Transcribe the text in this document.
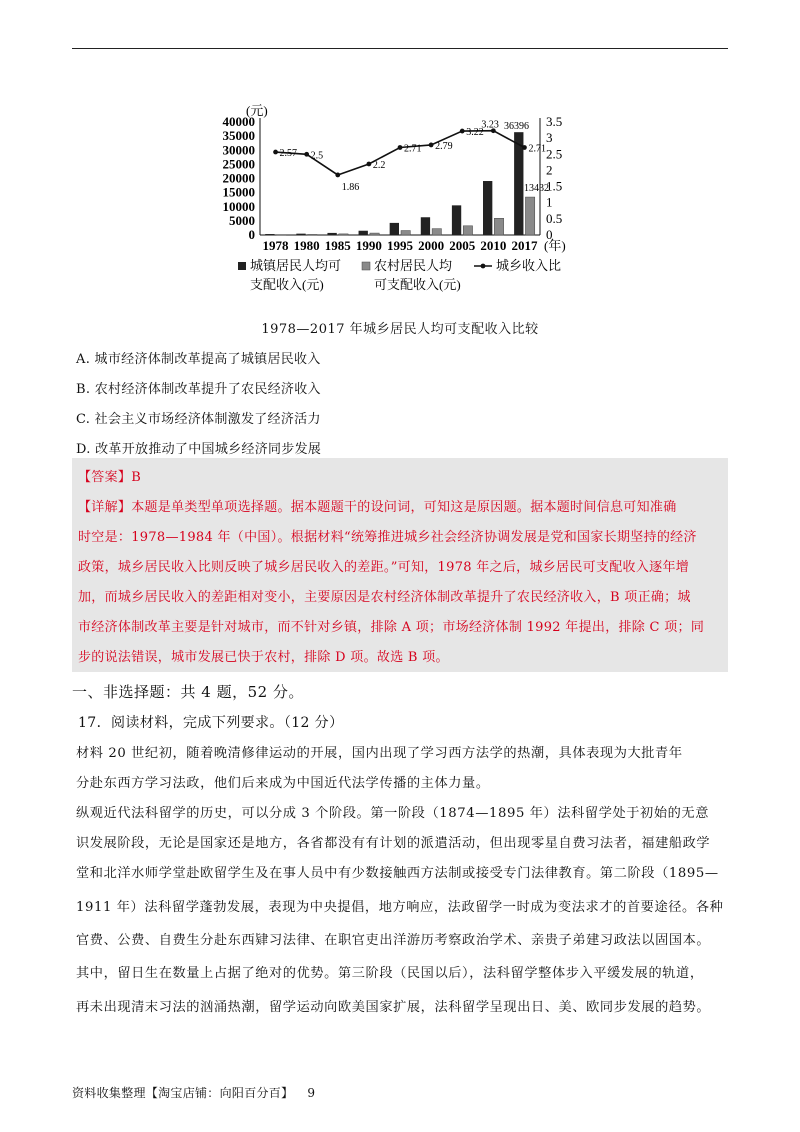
40000
35000
30000
25000
20000
15000
10000
5000
0
3.5
3
2.5
2
1.5
1
0.5
0
(元)
2.57 2.5
1.86
2.2
2.71 2.79
3.22
3.23
2.71
36396
13432
1978 1980 1985 1990 1995 2000 2005 2010 2017 (年)
城镇居民人均可
支配收入(元)
农村居民人均
可支配收入(元)
城乡收入比
1978—2017 年城乡居民人均可支配收入比较
A. 城市经济体制改革提高了城镇居民收入
B. 农村经济体制改革提升了农民经济收入
C. 社会主义市场经济体制激发了经济活力
D. 改革开放推动了中国城乡经济同步发展
【答案】B
【详解】本题是单类型单项选择题。据本题题干的设问词，可知这是原因题。据本题时间信息可知准确
时空是：1978—1984 年（中国）。根据材料“统筹推进城乡社会经济协调发展是党和国家长期坚持的经济
政策，城乡居民收入比则反映了城乡居民收入的差距。”可知，1978 年之后，城乡居民可支配收入逐年增
加，而城乡居民收入的差距相对变小，主要原因是农村经济体制改革提升了农民经济收入，B 项正确；城
市经济体制改革主要是针对城市，而不针对乡镇，排除 A 项；市场经济体制 1992 年提出，排除 C 项；同
步的说法错误，城市发展已快于农村，排除 D 项。故选 B 项。
一、非选择题：共 4 题，52 分。
17．阅读材料，完成下列要求。（12 分）
材料 20 世纪初，随着晚清修律运动的开展，国内出现了学习西方法学的热潮，具体表现为大批青年
分赴东西方学习法政，他们后来成为中国近代法学传播的主体力量。
纵观近代法科留学的历史，可以分成 3 个阶段。第一阶段（1874—1895 年）法科留学处于初始的无意
识发展阶段，无论是国家还是地方，各省都没有有计划的派遣活动，但出现零星自费习法者，福建船政学
堂和北洋水师学堂赴欧留学生及在事人员中有少数接触西方法制或接受专门法律教育。第二阶段（1895—
1911 年）法科留学蓬勃发展，表现为中央提倡，地方响应，法政留学一时成为变法求才的首要途径。各种
官费、公费、自费生分赴东西肄习法律、在职官吏出洋游历考察政治学术、亲贵子弟建习政法以固国本。
其中，留日生在数量上占据了绝对的优势。第三阶段（民国以后），法科留学整体步入平缓发展的轨道，
再未出现清末习法的汹涌热潮，留学运动向欧美国家扩展，法科留学呈现出日、美、欧同步发展的趋势。
资料收集整理【淘宝店铺：向阳百分百】 9
